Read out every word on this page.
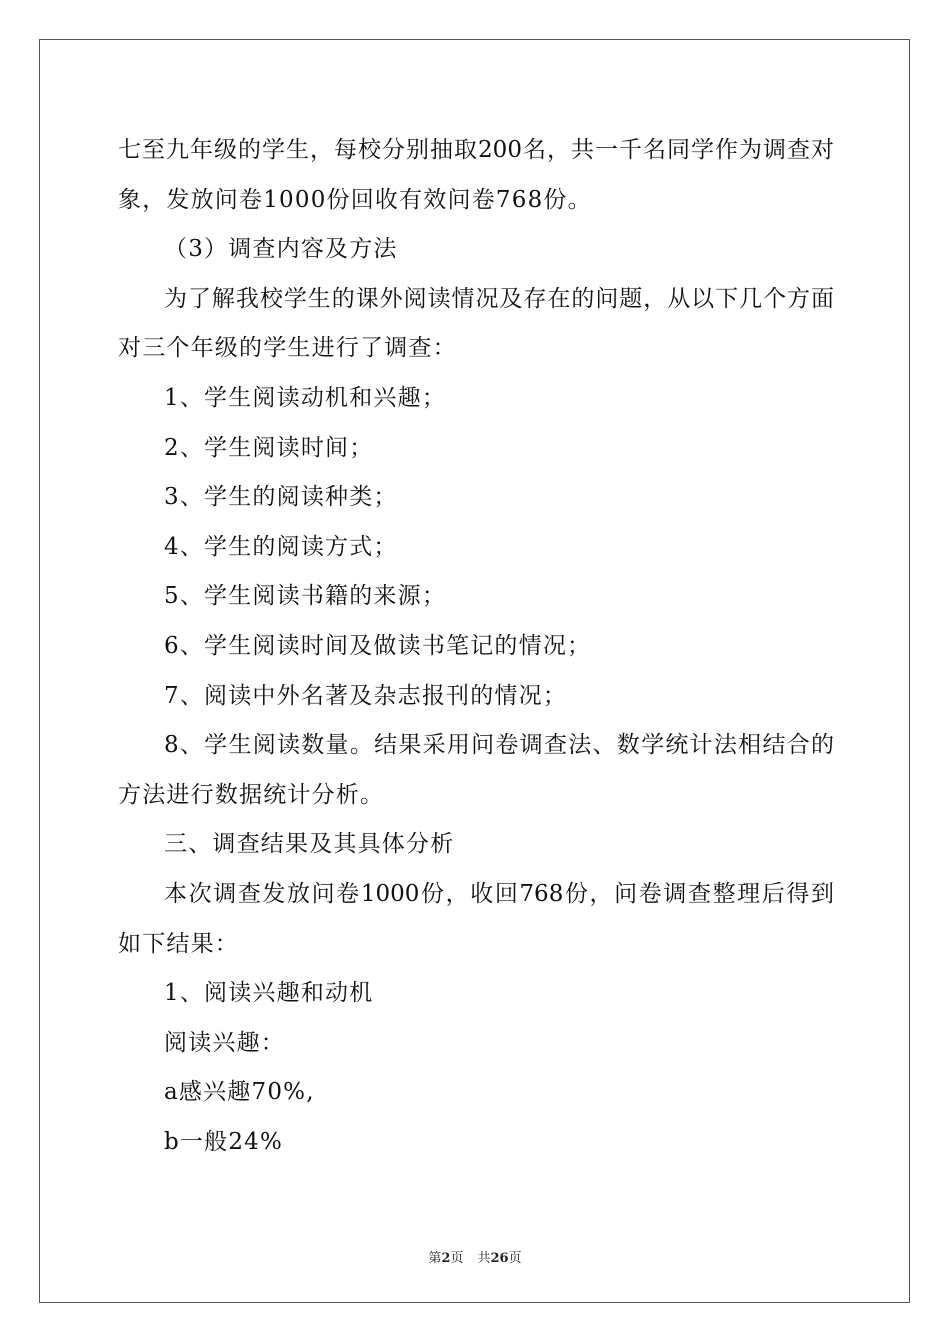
七至九年级的学生，每校分别抽取200名，共一千名同学作为调查对
象，发放问卷1000份回收有效问卷768份。
（3）调查内容及方法
为了解我校学生的课外阅读情况及存在的问题，从以下几个方面
对三个年级的学生进行了调查：
1、学生阅读动机和兴趣；
2、学生阅读时间；
3、学生的阅读种类；
4、学生的阅读方式；
5、学生阅读书籍的来源；
6、学生阅读时间及做读书笔记的情况；
7、阅读中外名著及杂志报刊的情况；
8、学生阅读数量。结果采用问卷调查法、数学统计法相结合的
方法进行数据统计分析。
三、调查结果及其具体分析
本次调查发放问卷1000份，收回768份，问卷调查整理后得到
如下结果：
1、阅读兴趣和动机
阅读兴趣：
a感兴趣70%,
b一般24%
第2页 共26页
